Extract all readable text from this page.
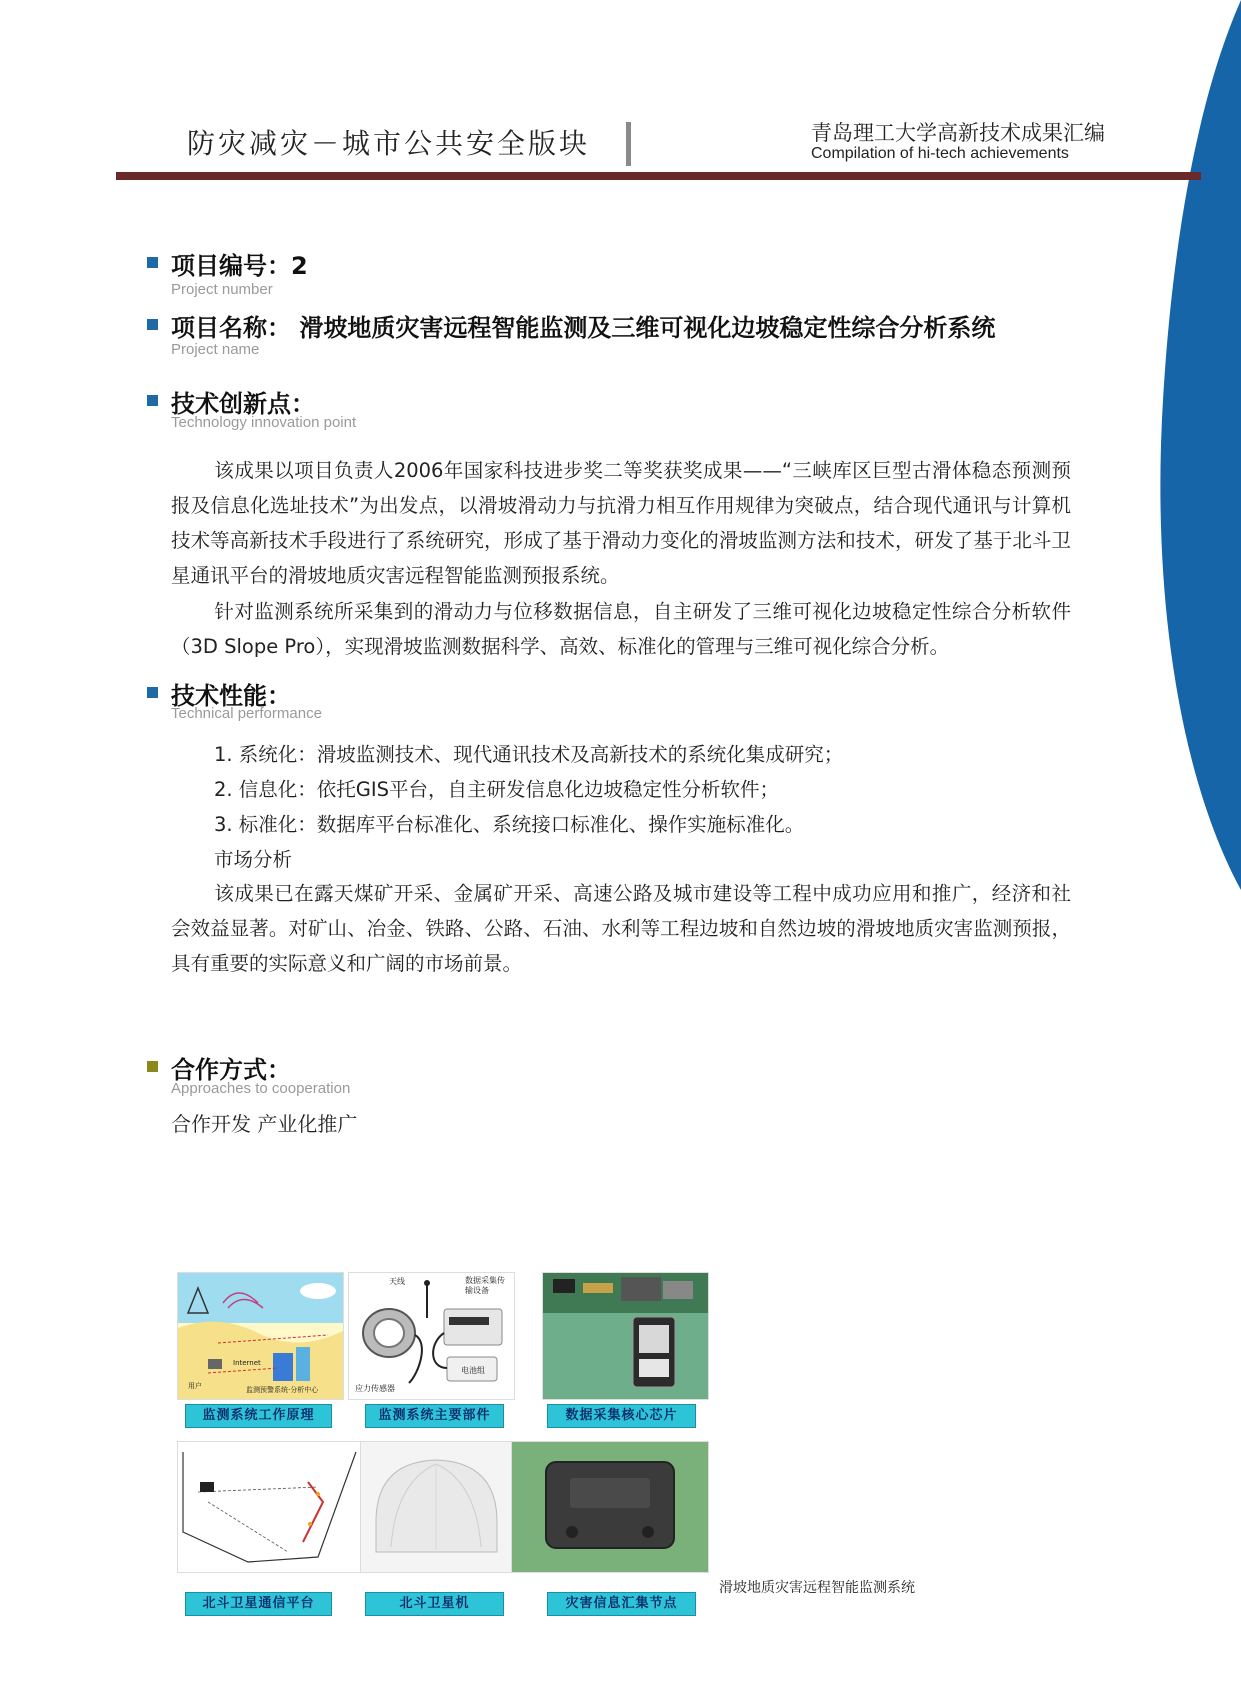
防灾减灾－城市公共安全版块	青岛理工大学高新技术成果汇编
Compilation of hi-tech achievements
项目编号：2
Project number
项目名称： 滑坡地质灾害远程智能监测及三维可视化边坡稳定性综合分析系统
Project name
技术创新点：
Technology innovation point
该成果以项目负责人2006年国家科技进步奖二等奖获奖成果——“三峡库区巨型古滑体稳态预测预报及信息化选址技术”为出发点，以滑坡滑动力与抗滑力相互作用规律为突破点，结合现代通讯与计算机技术等高新技术手段进行了系统研究，形成了基于滑动力变化的滑坡监测方法和技术，研发了基于北斗卫星通讯平台的滑坡地质灾害远程智能监测预报系统。
针对监测系统所采集到的滑动力与位移数据信息，自主研发了三维可视化边坡稳定性综合分析软件（3D Slope Pro），实现滑坡监测数据科学、高效、标准化的管理与三维可视化综合分析。
技术性能：
Technical performance
1. 系统化：滑坡监测技术、现代通讯技术及高新技术的系统化集成研究；
2. 信息化：依托GIS平台，自主研发信息化边坡稳定性分析软件；
3. 标准化：数据库平台标准化、系统接口标准化、操作实施标准化。
市场分析
该成果已在露天煤矿开采、金属矿开采、高速公路及城市建设等工程中成功应用和推广，经济和社会效益显著。对矿山、冶金、铁路、公路、石油、水利等工程边坡和自然边坡的滑坡地质灾害监测预报，具有重要的实际意义和广阔的市场前景。
合作方式：
Approaches to cooperation
合作开发 产业化推广
Internet
用户	监测预警系统·分析中心
天线	数据采集传输设备
应力传感器
电池组
监测系统工作原理	监测系统主要部件	数据采集核心芯片
北斗卫星通信平台	北斗卫星机	灾害信息汇集节点
滑坡地质灾害远程智能监测系统
